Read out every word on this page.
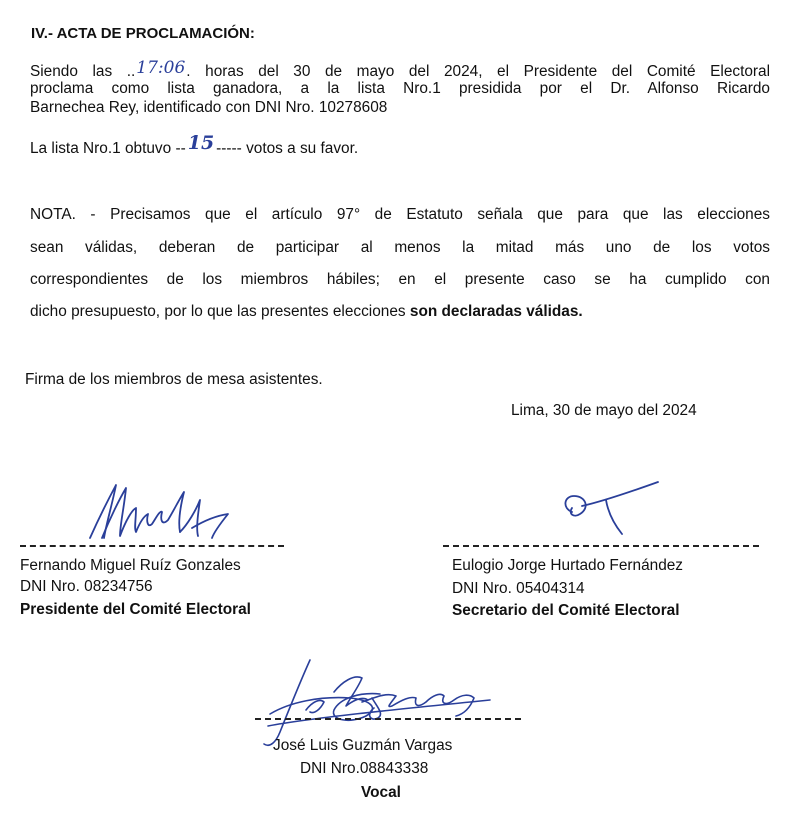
IV.- ACTA DE PROCLAMACIÓN:
Siendo las ..17:06. horas del 30 de mayo del 2024, el Presidente del Comité Electoral
proclama como lista ganadora, a la lista Nro.1 presidida por el Dr. Alfonso Ricardo
Barnechea Rey, identificado con DNI Nro. 10278608
La lista Nro.1 obtuvo -- 15 ----- votos a su favor.
NOTA. - Precisamos que el artículo 97° de Estatuto señala que para que las elecciones
sean válidas, deberan de participar al menos la mitad más uno de los votos
correspondientes de los miembros hábiles; en el presente caso se ha cumplido con
dicho presupuesto, por lo que las presentes elecciones son declaradas válidas.
Firma de los miembros de mesa asistentes.
Lima, 30 de mayo del 2024
Fernando Miguel Ruíz Gonzales
DNI Nro. 08234756
Presidente del Comité Electoral
Eulogio Jorge Hurtado Fernández
DNI Nro. 05404314
Secretario del Comité Electoral
José Luis Guzmán Vargas
DNI Nro.08843338
Vocal
